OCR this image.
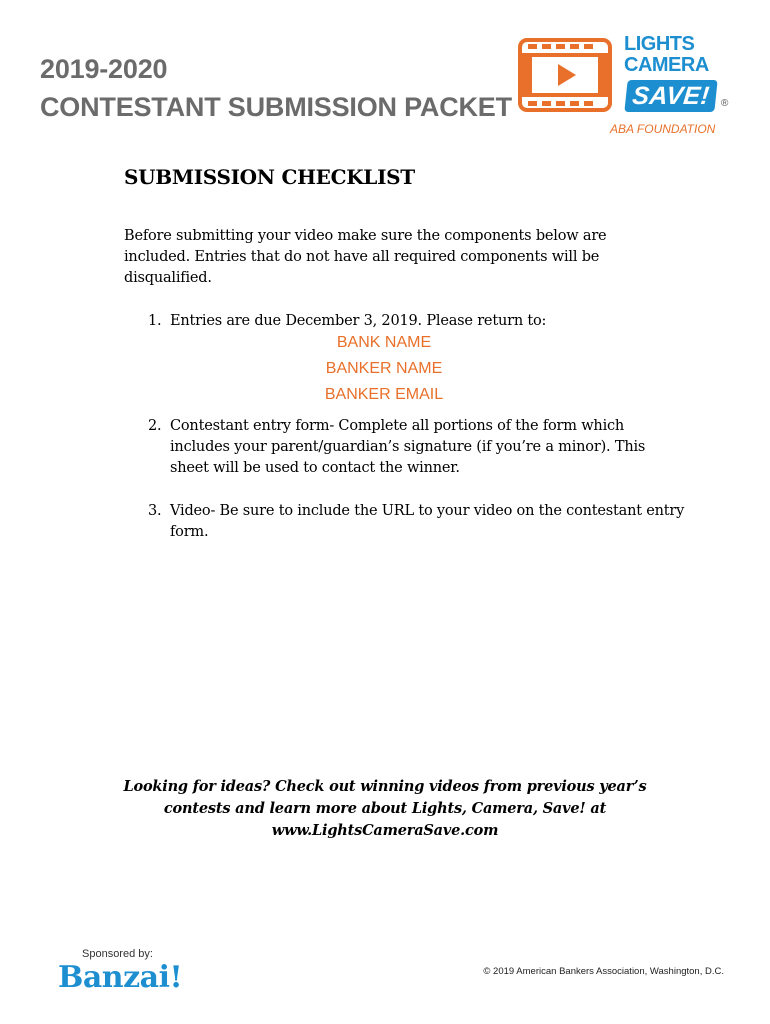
2019-2020
CONTESTANT SUBMISSION PACKET
LIGHTS
CAMERA
SAVE! ®
ABA FOUNDATION
SUBMISSION CHECKLIST
Before submitting your video make sure the components below are included. Entries that do not have all required components will be disqualified.
1. Entries are due December 3, 2019. Please return to:
BANK NAME
BANKER NAME
BANKER EMAIL
2. Contestant entry form- Complete all portions of the form which includes your parent/guardian’s signature (if you’re a minor). This sheet will be used to contact the winner.
3. Video- Be sure to include the URL to your video on the contestant entry form.
Looking for ideas? Check out winning videos from previous year’s
contests and learn more about Lights, Camera, Save! at
www.LightsCameraSave.com
Sponsored by:
Banzai!	© 2019 American Bankers Association, Washington, D.C.
